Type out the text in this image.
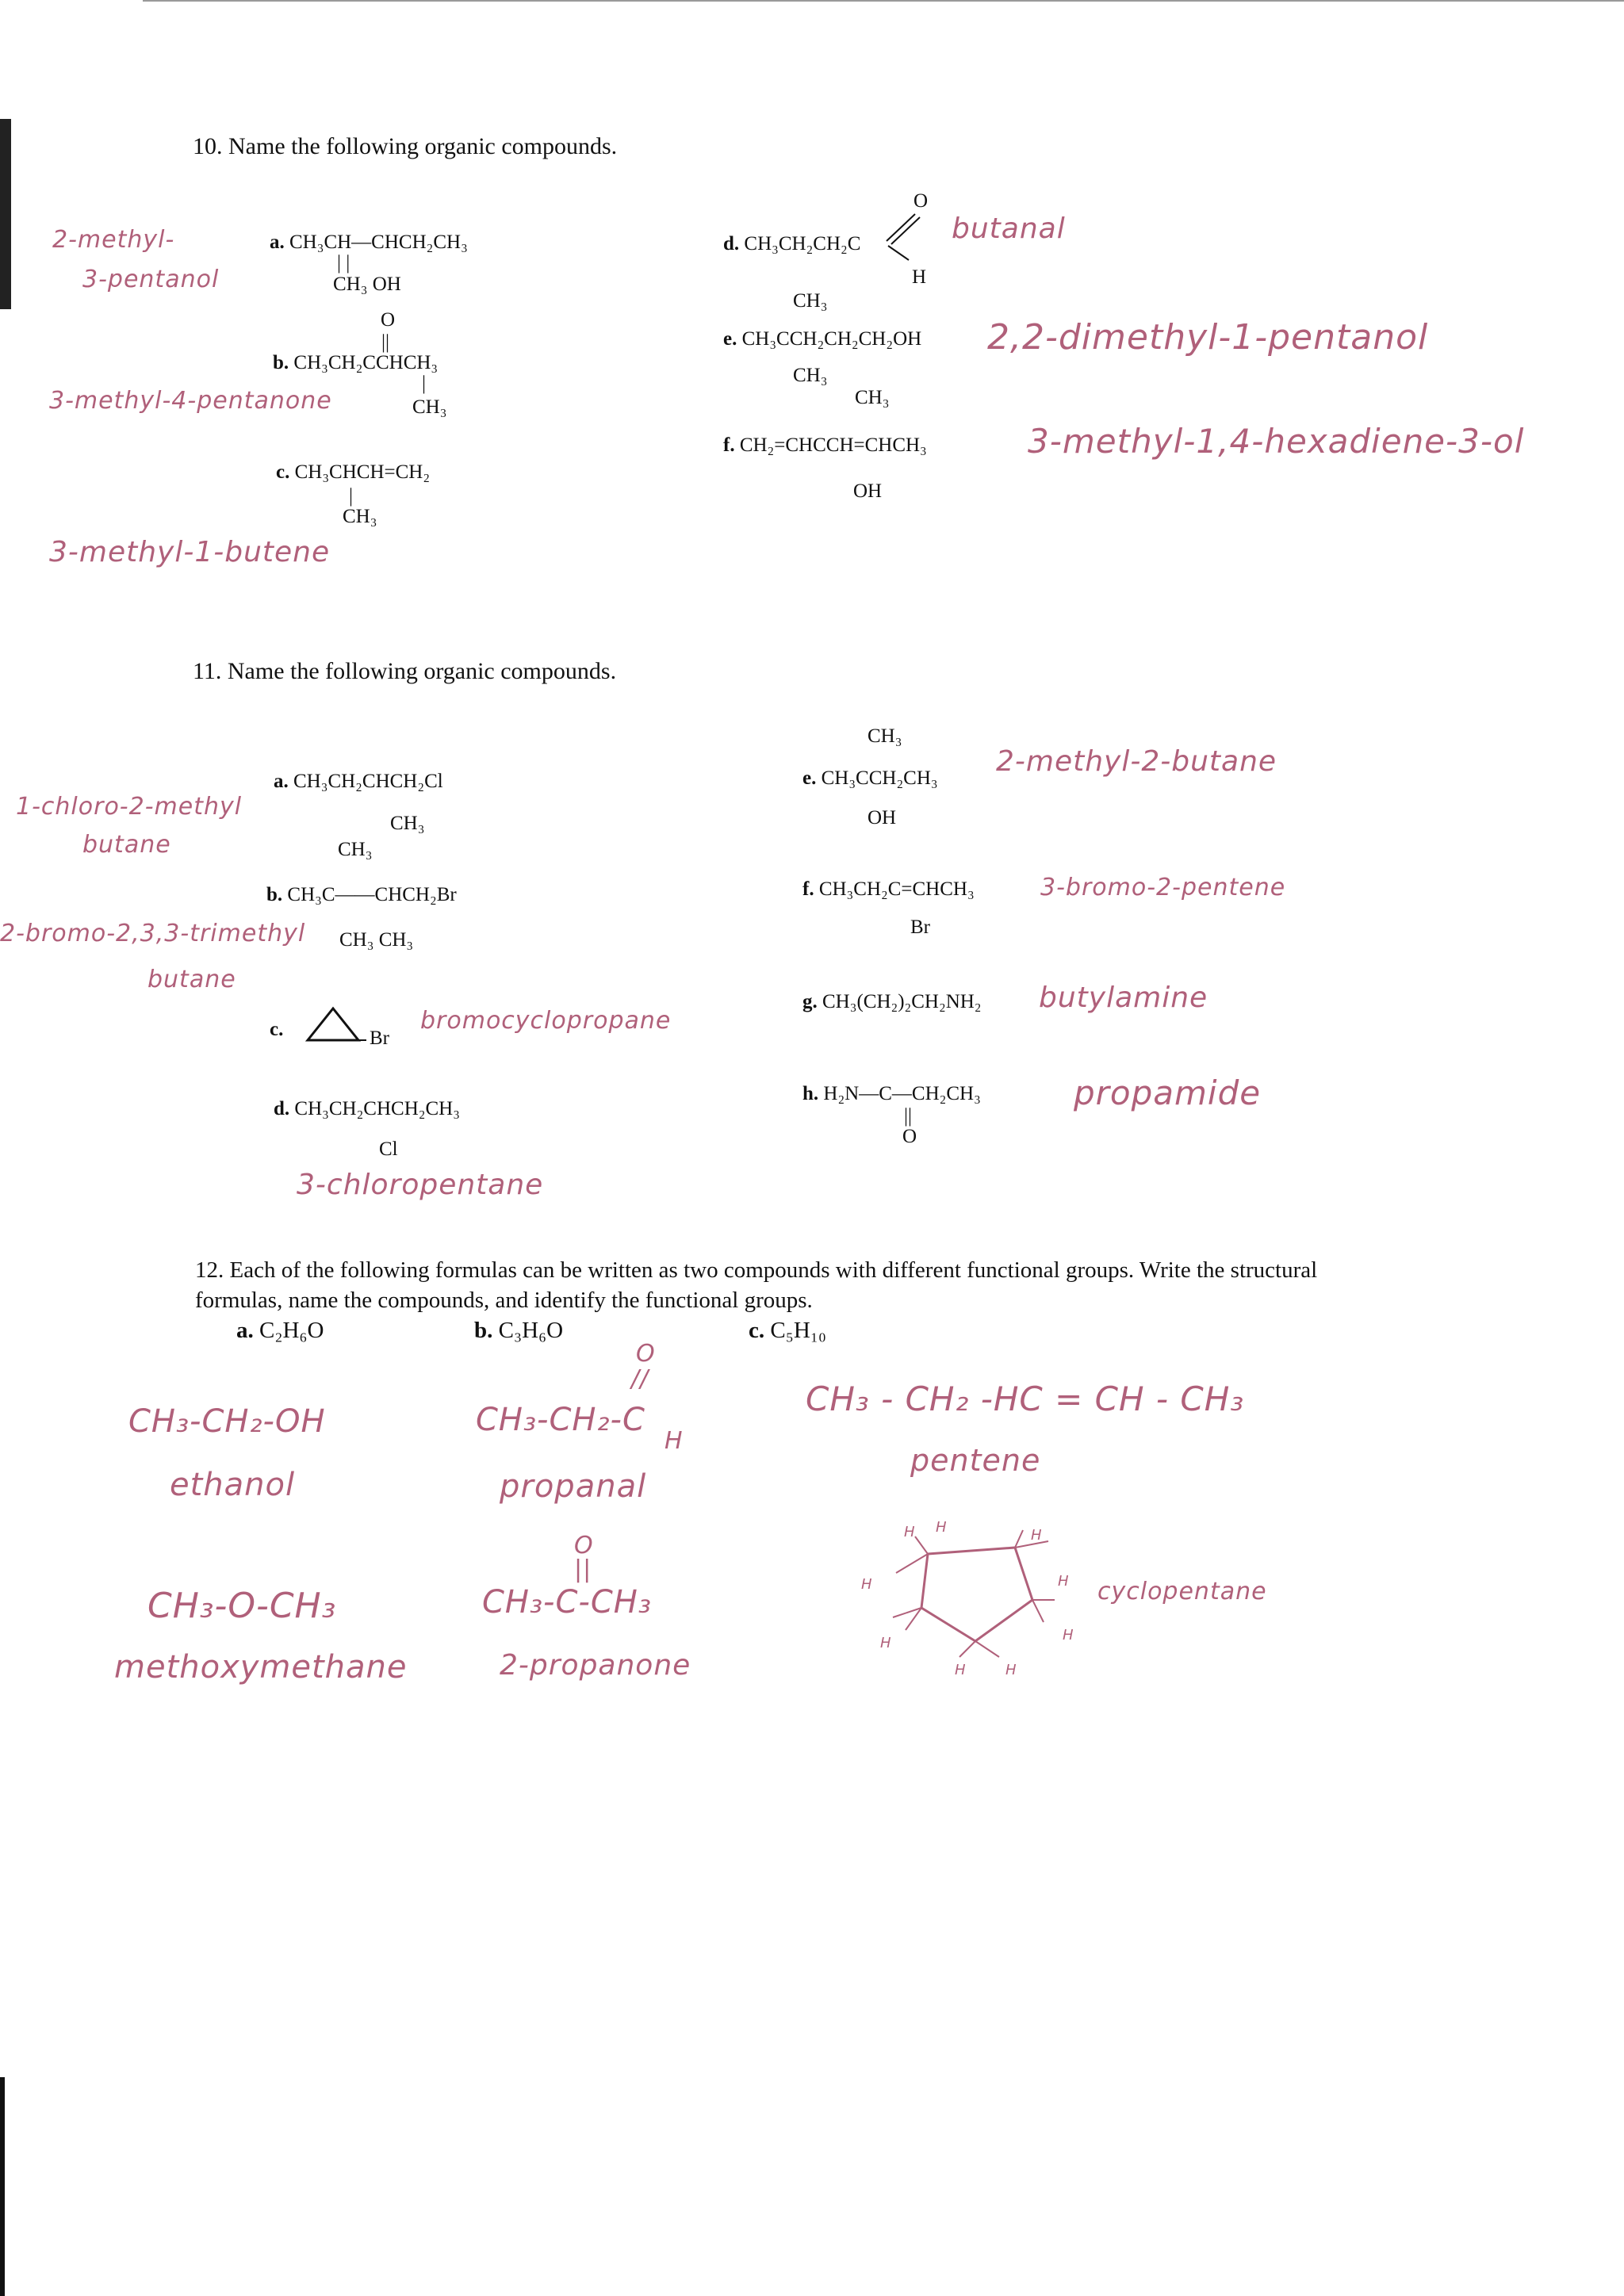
10. Name the following organic compounds.
2-methyl-
3-pentanol
a. CH₃CH—CHCH₂CH₃
| |
CH₃ OH
O
||
b. CH₃CH₂CCHCH₃
|
3-methyl-4-pentanone	CH₃
c. CH₃CHCH=CH₂
|
CH₃
3-methyl-1-butene
O
d. CH₃CH₂CH₂C
H
butanal
CH₃
e. CH₃CCH₂CH₂CH₂OH
CH₃
2,2-dimethyl-1-pentanol
CH₃
f. CH₂=CHCCH=CHCH₃
OH
3-methyl-1,4-hexadiene-3-ol
11. Name the following organic compounds.
a. CH₃CH₂CHCH₂Cl
1-chloro-2-methyl
CH₃
butane	CH₃
b. CH₃C——CHCH₂Br
2-bromo-2,3,3-trimethyl CH₃ CH₃
butane
c.	Br
bromocyclopropane
d. CH₃CH₂CHCH₂CH₃
Cl
3-chloropentane
CH₃
e. CH₃CCH₂CH₃
OH
2-methyl-2-butane
f. CH₃CH₂C=CHCH₃
Br
3-bromo-2-pentene
g. CH₃(CH₂)₂CH₂NH₂ butylamine
h. H₂N—C—CH₂CH₃
||
O
propamide
12. Each of the following formulas can be written as two compounds with different functional groups. Write the structural
formulas, name the compounds, and identify the functional groups.
a. C₂H₆O	b. C₃H₆O	c. C₅H₁₀
CH₃-CH₂-OH
ethanol
CH₃-O-CH₃
methoxymethane
O
//
CH₃-CH₂-C
H
propanal
O
||
CH₃-C-CH₃
2-propanone
CH₃ - CH₂ -HC = CH - CH₃
pentene
H H	H
H	H
H	H
H	H
cyclopentane
